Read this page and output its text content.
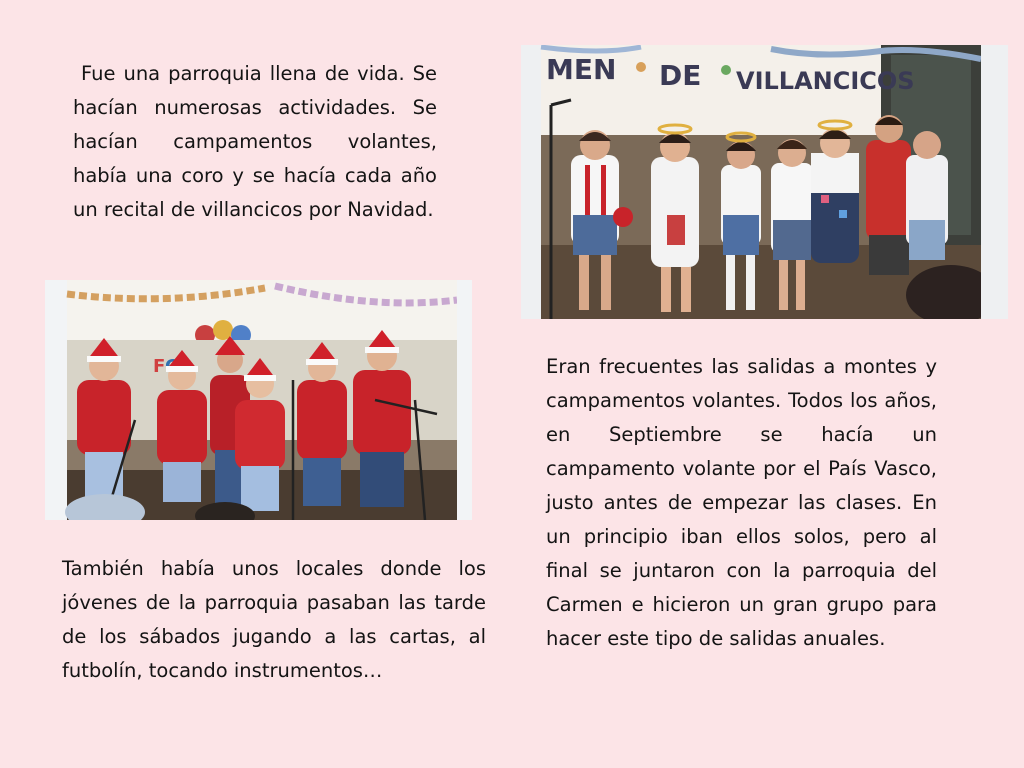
Fue una parroquia llena de vida. Se hacían numerosas actividades. Se hacían campamentos volantes, había una coro y se hacía cada año un recital de villancicos por Navidad.

Eran frecuentes las salidas a montes y campamentos volantes. Todos los años, en Septiembre se hacía un campamento volante por el País Vasco, justo antes de empezar las clases. En un principio iban ellos solos, pero al final se juntaron con la parroquia del Carmen e hicieron un gran grupo para hacer este tipo de salidas anuales.

También había unos locales donde los jóvenes de la parroquia pasaban las tarde de los sábados jugando a las cartas, al futbolín, tocando instrumentos…

MEN DE VILLANCICOS
F
